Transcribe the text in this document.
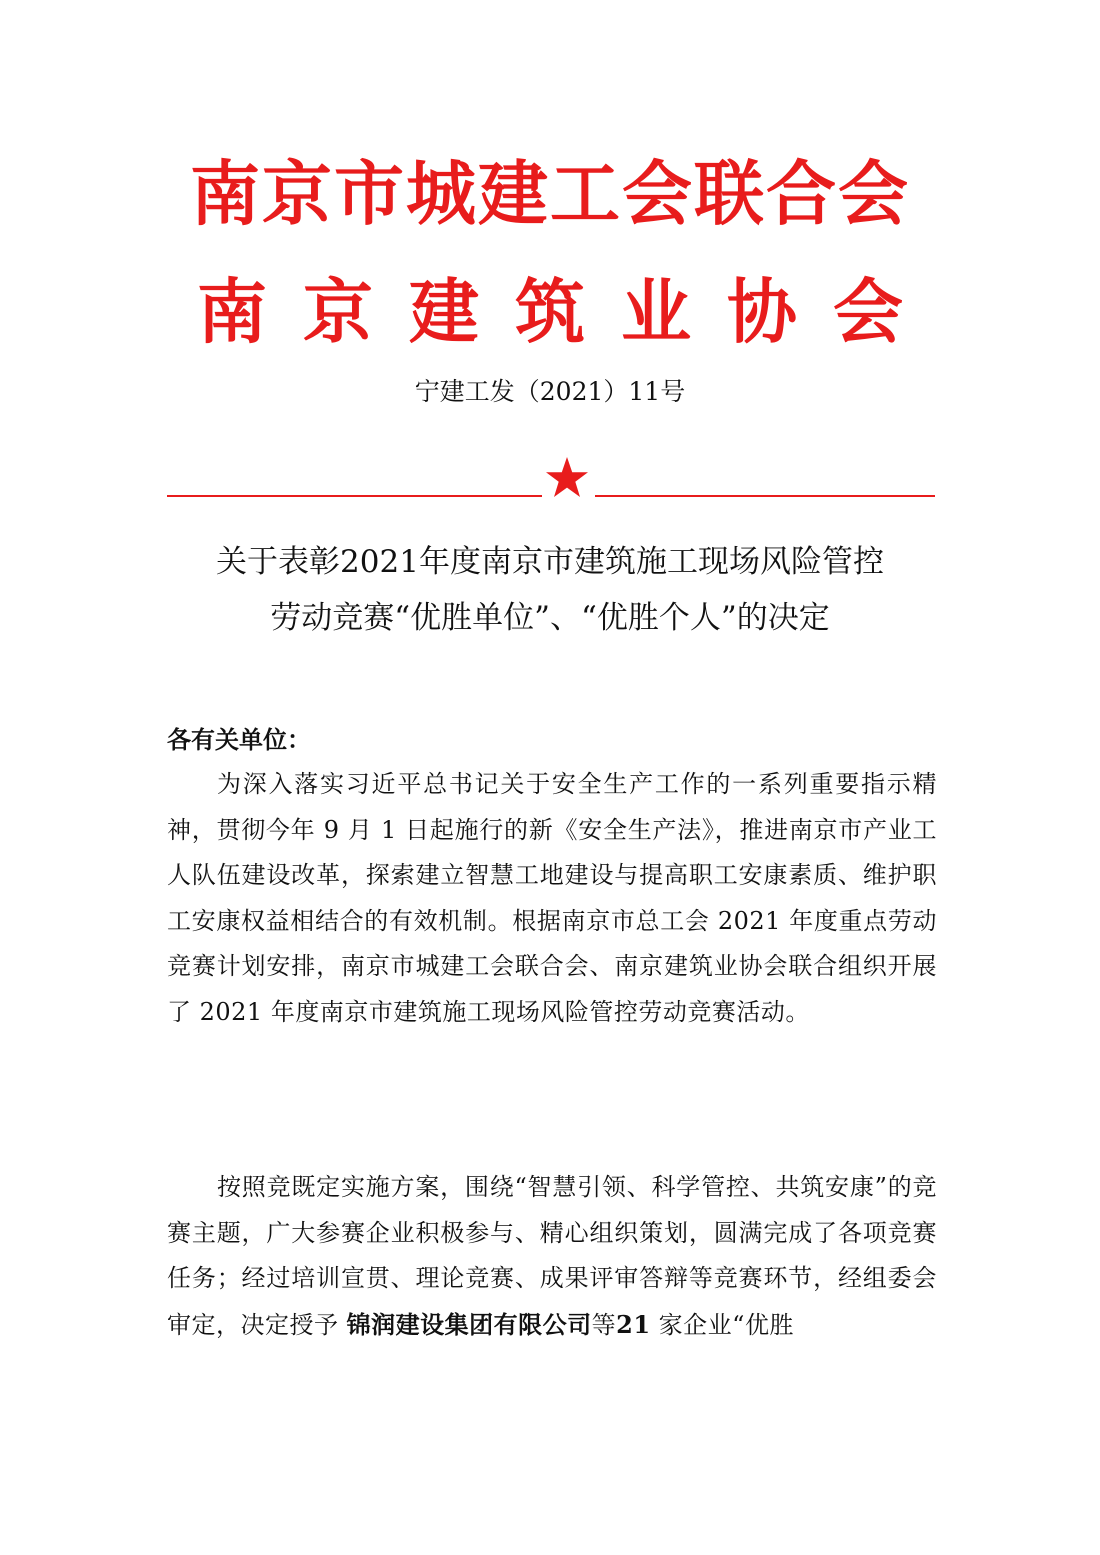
南京市城建工会联合会
南京建筑业协会
宁建工发（2021）11号
关于表彰2021年度南京市建筑施工现场风险管控
劳动竞赛“优胜单位”、“优胜个人”的决定
各有关单位：

为深入落实习近平总书记关于安全生产工作的一系列重要指示精神，贯彻今年 9 月 1 日起施行的新《安全生产法》，推进南京市产业工人队伍建设改革，探索建立智慧工地建设与提高职工安康素质、维护职工安康权益相结合的有效机制。根据南京市总工会 2021 年度重点劳动竞赛计划安排，南京市城建工会联合会、南京建筑业协会联合组织开展了 2021 年度南京市建筑施工现场风险管控劳动竞赛活动。

按照竞既定实施方案，围绕“智慧引领、科学管控、共筑安康”的竞赛主题，广大参赛企业积极参与、精心组织策划，圆满完成了各项竞赛任务；经过培训宣贯、理论竞赛、成果评审答辩等竞赛环节，经组委会审定，决定授予 锦润建设集团有限公司等21 家企业“优胜
